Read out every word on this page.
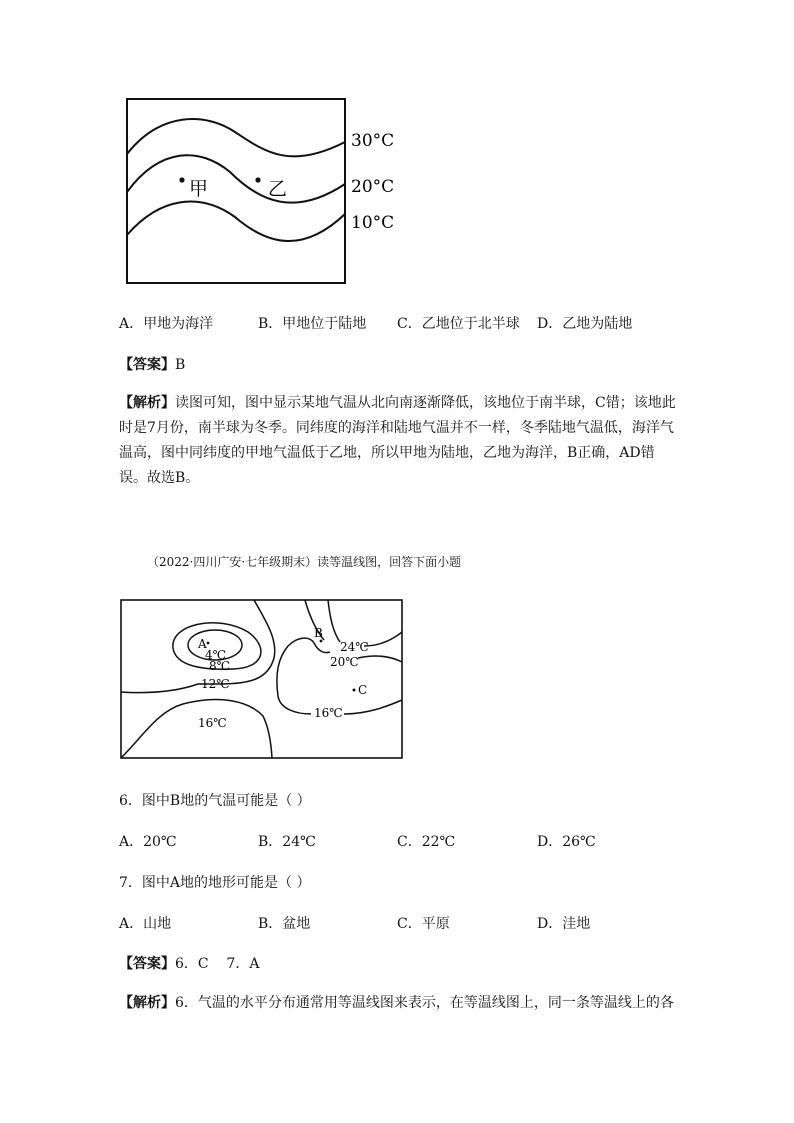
甲	乙
30°C
20°C
10°C
A．甲地为海洋	B．甲地位于陆地 C．乙地位于北半球 D．乙地为陆地
【答案】B
【解析】读图可知，图中显示某地气温从北向南逐渐降低，该地位于南半球，C错；该地此时是7月份，南半球为冬季。同纬度的海洋和陆地气温并不一样，冬季陆地气温低，海洋气温高，图中同纬度的甲地气温低于乙地，所以甲地为陆地，乙地为海洋，B正确，AD错误。故选B。
（2022·四川广安·七年级期末）读等温线图，回答下面小题
A
B
C
4℃
8℃
12℃
16℃
16℃
20℃
24℃
6．图中B地的气温可能是（ ）
A．20℃	B．24℃	C．22℃	D．26℃
7．图中A地的地形可能是（ ）
A．山地	B．盆地	C．平原	D．洼地
【答案】6．C    7．A
【解析】6．气温的水平分布通常用等温线图来表示，在等温线图上，同一条等温线上的各
